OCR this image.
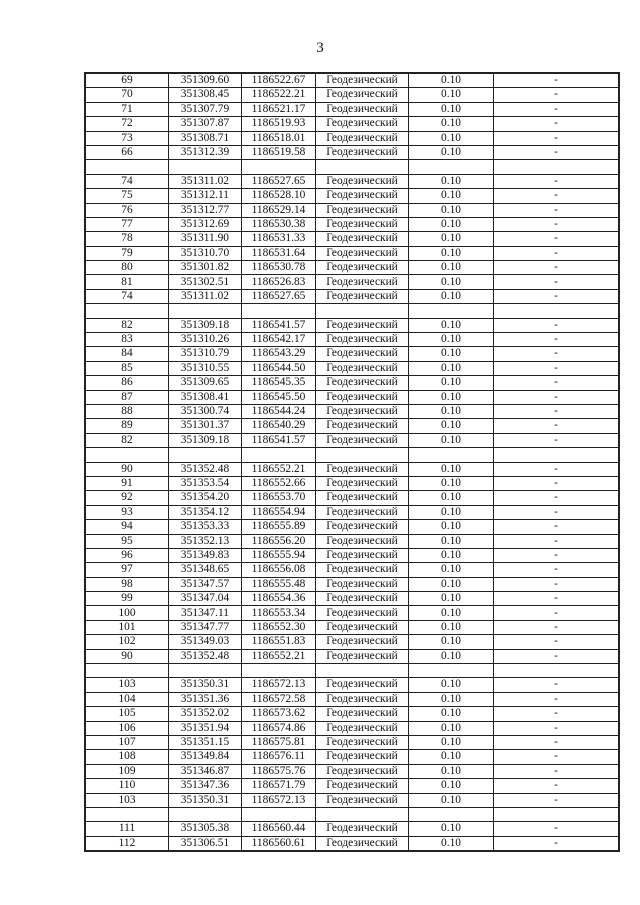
3
69	351309.60	1186522.67	Геодезический	0.10	-
70	351308.45	1186522.21	Геодезический	0.10	-
71	351307.79	1186521.17	Геодезический	0.10	-
72	351307.87	1186519.93	Геодезический	0.10	-
73	351308.71	1186518.01	Геодезический	0.10	-
66	351312.39	1186519.58	Геодезический	0.10	-

74	351311.02	1186527.65	Геодезический	0.10	-
75	351312.11	1186528.10	Геодезический	0.10	-
76	351312.77	1186529.14	Геодезический	0.10	-
77	351312.69	1186530.38	Геодезический	0.10	-
78	351311.90	1186531.33	Геодезический	0.10	-
79	351310.70	1186531.64	Геодезический	0.10	-
80	351301.82	1186530.78	Геодезический	0.10	-
81	351302.51	1186526.83	Геодезический	0.10	-
74	351311.02	1186527.65	Геодезический	0.10	-

82	351309.18	1186541.57	Геодезический	0.10	-
83	351310.26	1186542.17	Геодезический	0.10	-
84	351310.79	1186543.29	Геодезический	0.10	-
85	351310.55	1186544.50	Геодезический	0.10	-
86	351309.65	1186545.35	Геодезический	0.10	-
87	351308.41	1186545.50	Геодезический	0.10	-
88	351300.74	1186544.24	Геодезический	0.10	-
89	351301.37	1186540.29	Геодезический	0.10	-
82	351309.18	1186541.57	Геодезический	0.10	-

90	351352.48	1186552.21	Геодезический	0.10	-
91	351353.54	1186552.66	Геодезический	0.10	-
92	351354.20	1186553.70	Геодезический	0.10	-
93	351354.12	1186554.94	Геодезический	0.10	-
94	351353.33	1186555.89	Геодезический	0.10	-
95	351352.13	1186556.20	Геодезический	0.10	-
96	351349.83	1186555.94	Геодезический	0.10	-
97	351348.65	1186556.08	Геодезический	0.10	-
98	351347.57	1186555.48	Геодезический	0.10	-
99	351347.04	1186554.36	Геодезический	0.10	-
100	351347.11	1186553.34	Геодезический	0.10	-
101	351347.77	1186552.30	Геодезический	0.10	-
102	351349.03	1186551.83	Геодезический	0.10	-
90	351352.48	1186552.21	Геодезический	0.10	-

103	351350.31	1186572.13	Геодезический	0.10	-
104	351351.36	1186572.58	Геодезический	0.10	-
105	351352.02	1186573.62	Геодезический	0.10	-
106	351351.94	1186574.86	Геодезический	0.10	-
107	351351.15	1186575.81	Геодезический	0.10	-
108	351349.84	1186576.11	Геодезический	0.10	-
109	351346.87	1186575.76	Геодезический	0.10	-
110	351347.36	1186571.79	Геодезический	0.10	-
103	351350.31	1186572.13	Геодезический	0.10	-

111	351305.38	1186560.44	Геодезический	0.10	-
112	351306.51	1186560.61	Геодезический	0.10	-
